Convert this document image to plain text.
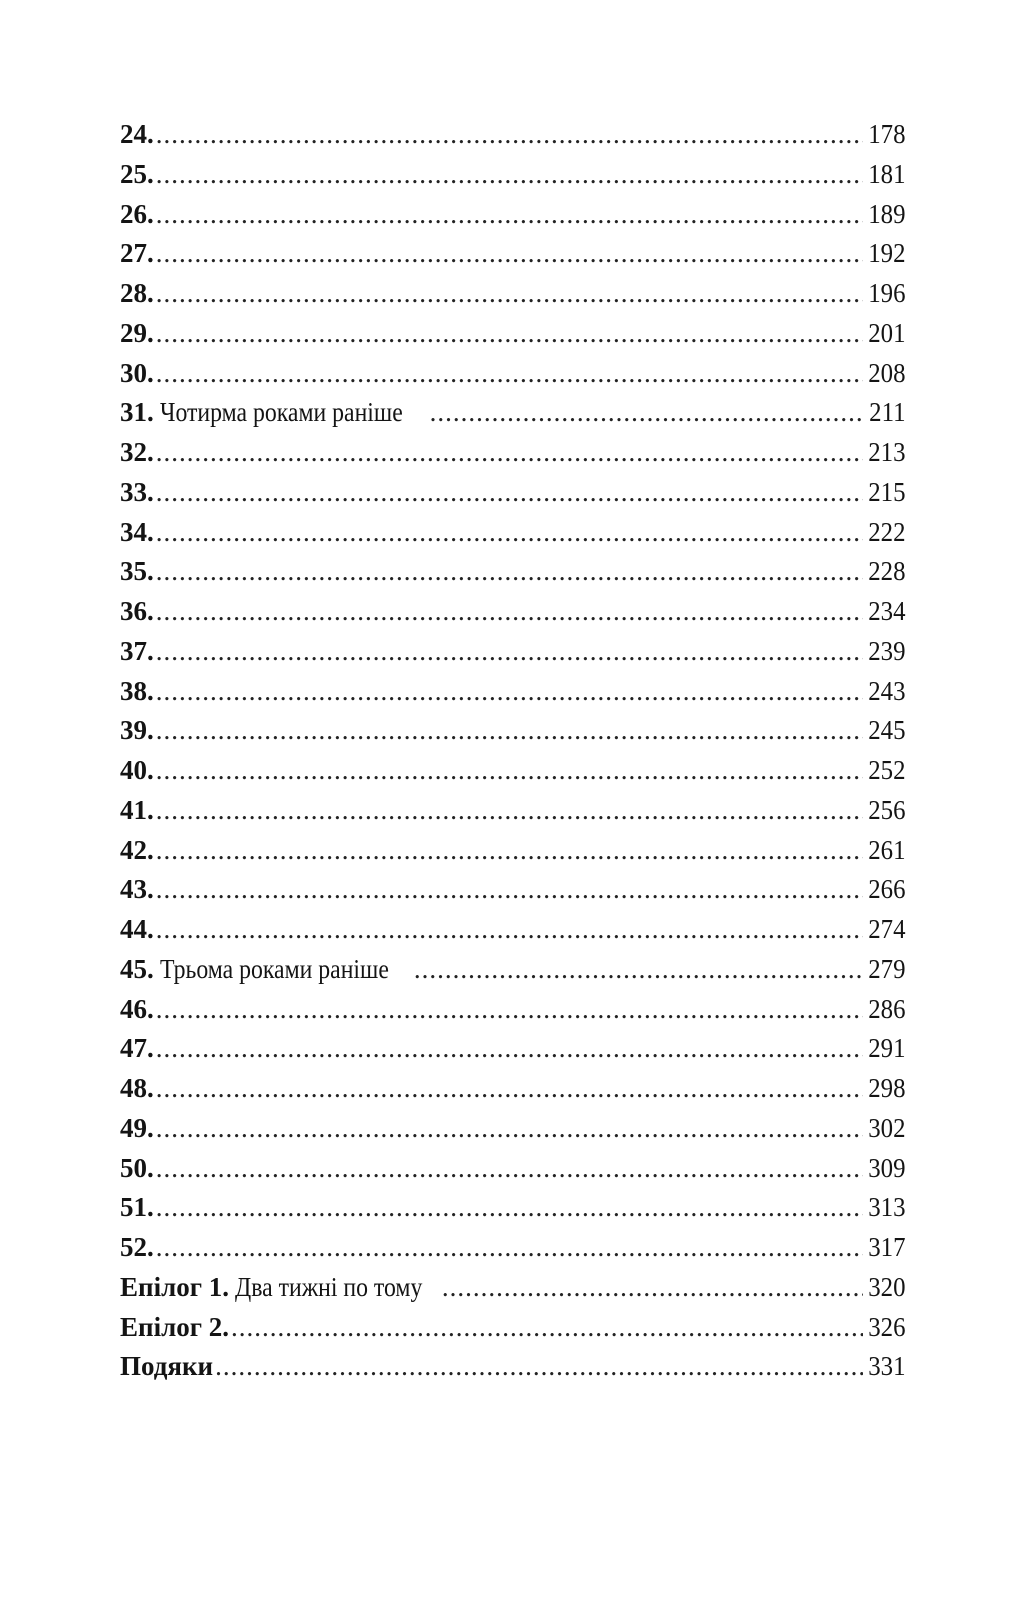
24. .....	178
25. .....	181
26. .....	189
27. .....	192
28. .....	196
29. .....	201
30. .....	208
31. Чотирма роками раніше .....	211
32. .....	213
33. .....	215
34. .....	222
35. .....	228
36. .....	234
37. .....	239
38. .....	243
39. .....	245
40. .....	252
41. .....	256
42. .....	261
43. .....	266
44. .....	274
45. Трьома роками раніше .....	279
46. .....	286
47. .....	291
48. .....	298
49. .....	302
50. .....	309
51. .....	313
52. .....	317
Епілог 1. Два тижні по тому .....	320
Епілог 2. .....	326
Подяки .....	331
